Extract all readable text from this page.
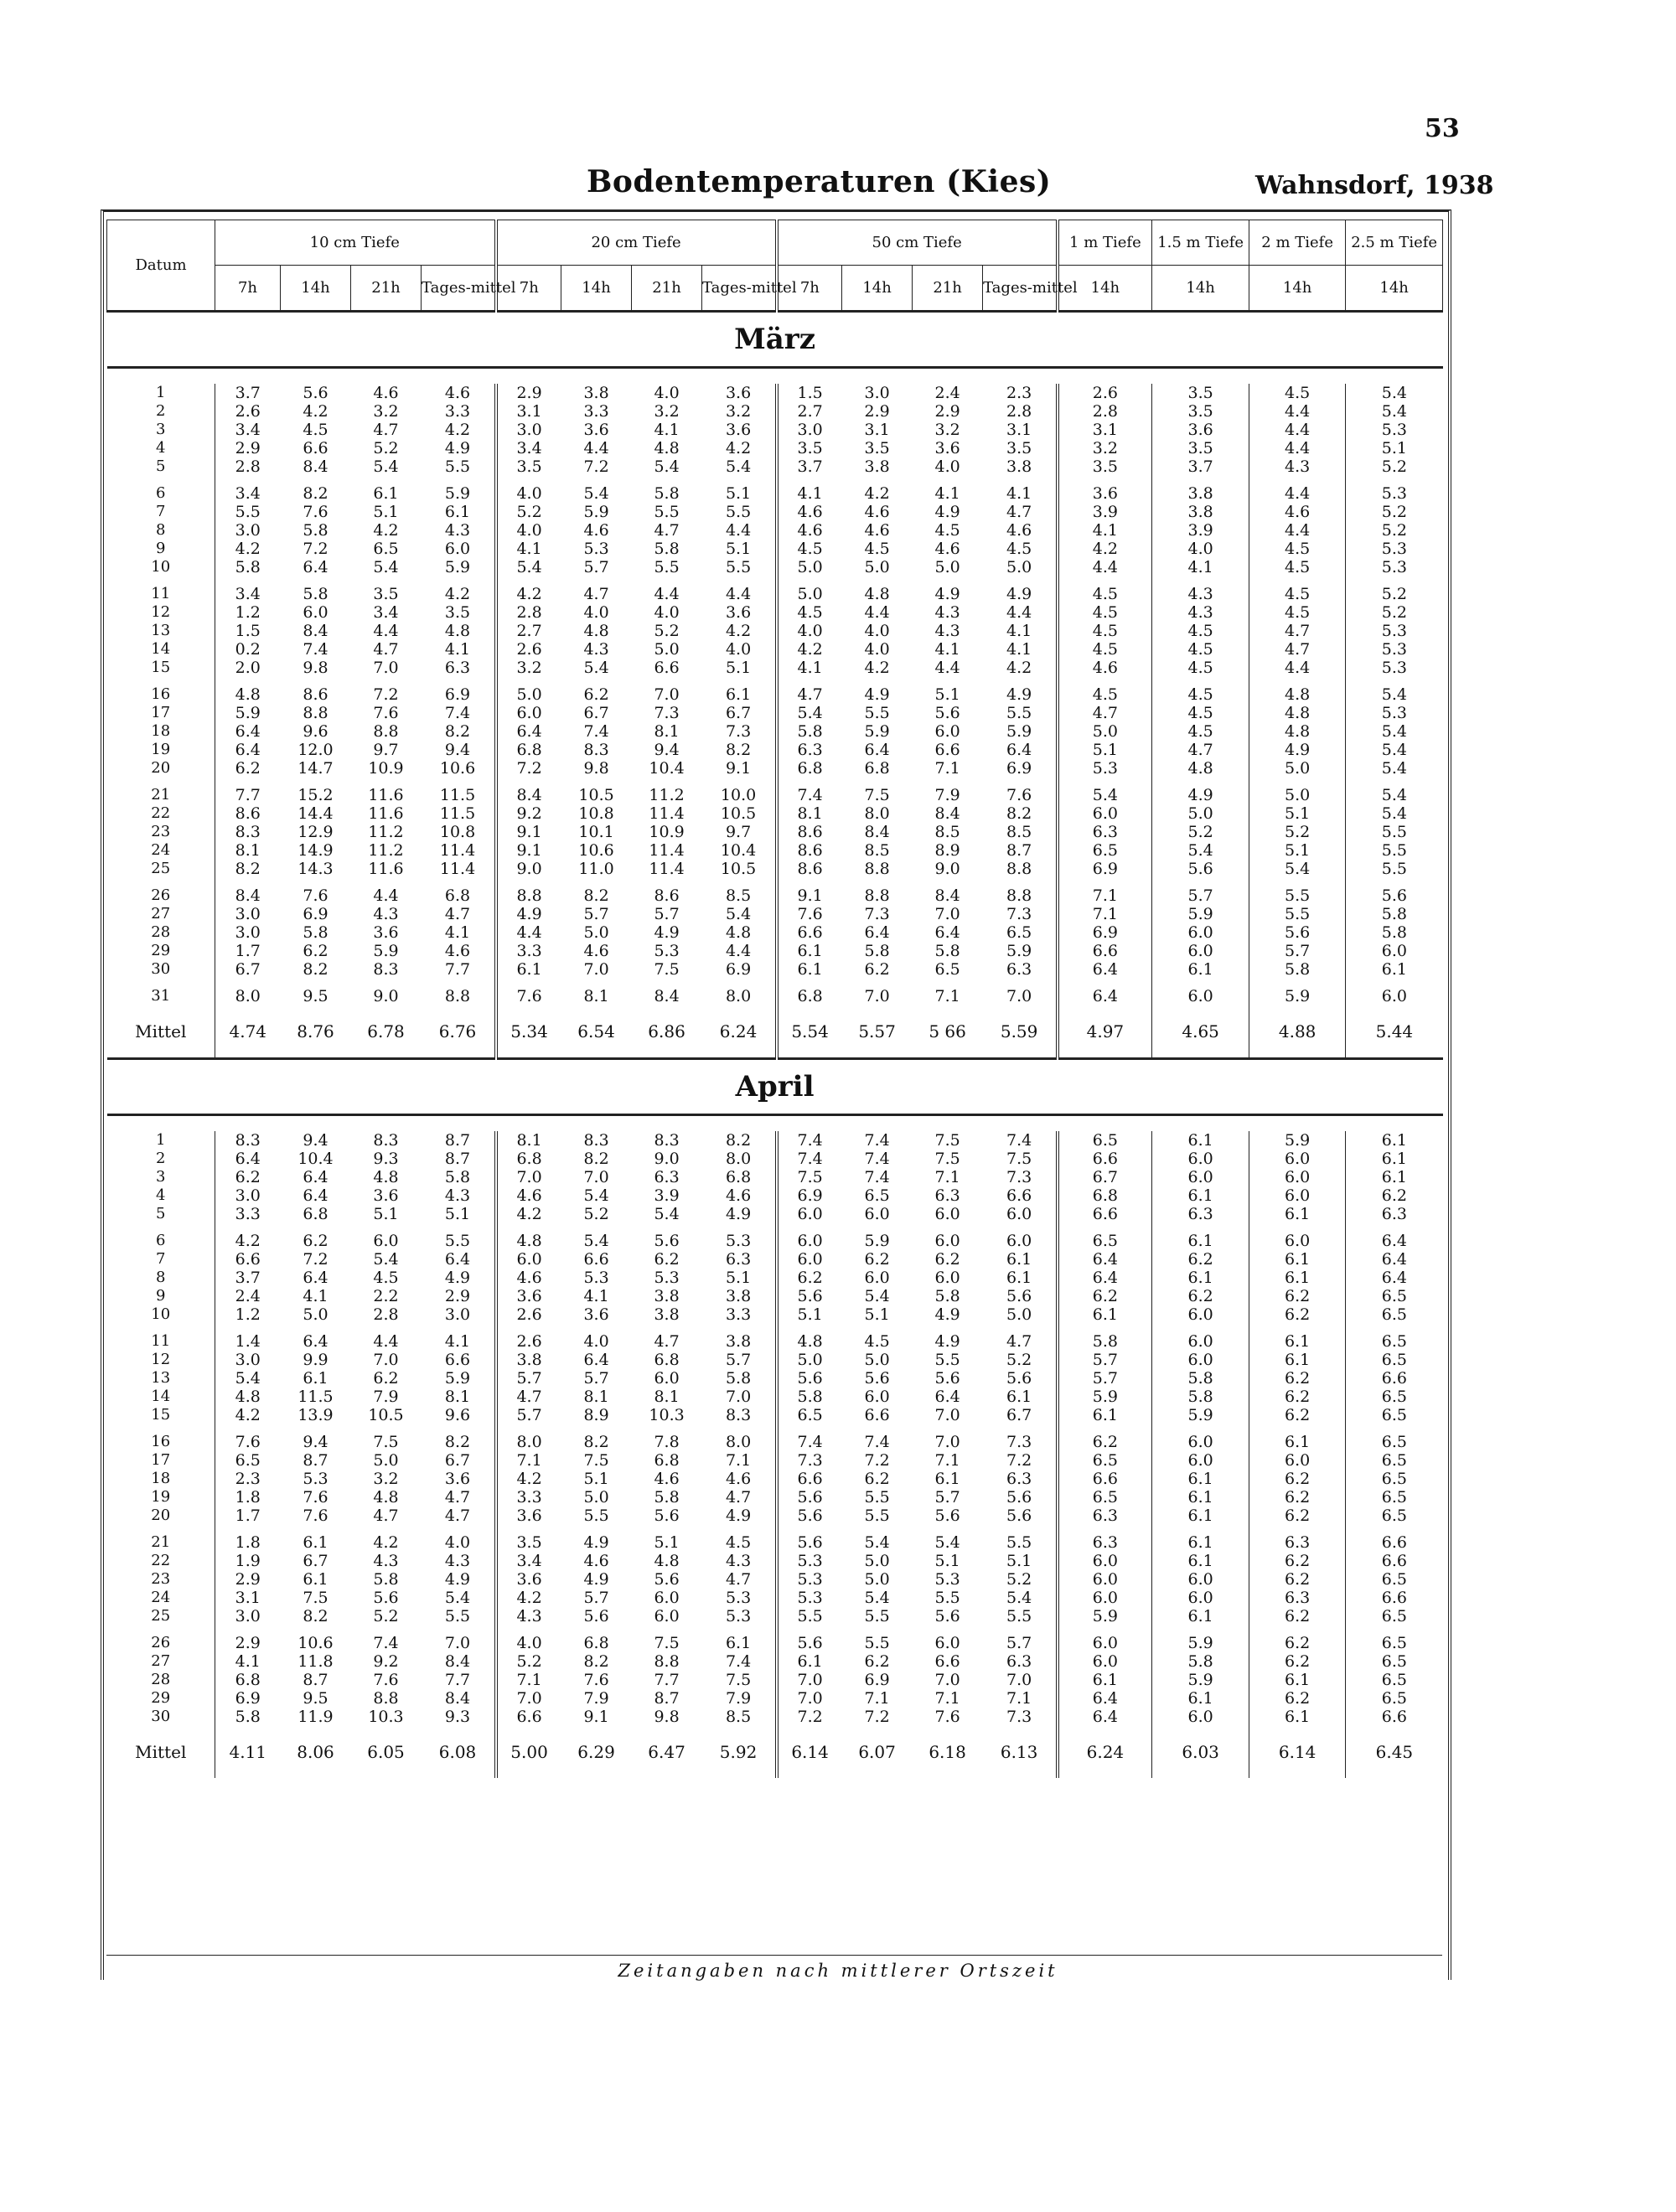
53
Bodentemperaturen (Kies)	Wahnsdorf, 1938
Datum	10 cm Tiefe				20 cm Tiefe				50 cm Tiefe				1 m Tiefe	1.5 m Tiefe	2 m Tiefe	2.5 m Tiefe
	7h	14h	21h	Tages-mittel	7h	14h	21h	Tages-mittel	7h	14h	21h	Tages-mittel	14h	14h	14h	14h
März																

1	3.7	5.6	4.6	4.6	2.9	3.8	4.0	3.6	1.5	3.0	2.4	2.3	2.6	3.5	4.5	5.4
2	2.6	4.2	3.2	3.3	3.1	3.3	3.2	3.2	2.7	2.9	2.9	2.8	2.8	3.5	4.4	5.4
3	3.4	4.5	4.7	4.2	3.0	3.6	4.1	3.6	3.0	3.1	3.2	3.1	3.1	3.6	4.4	5.3
4	2.9	6.6	5.2	4.9	3.4	4.4	4.8	4.2	3.5	3.5	3.6	3.5	3.2	3.5	4.4	5.1
5	2.8	8.4	5.4	5.5	3.5	7.2	5.4	5.4	3.7	3.8	4.0	3.8	3.5	3.7	4.3	5.2
6	3.4	8.2	6.1	5.9	4.0	5.4	5.8	5.1	4.1	4.2	4.1	4.1	3.6	3.8	4.4	5.3
7	5.5	7.6	5.1	6.1	5.2	5.9	5.5	5.5	4.6	4.6	4.9	4.7	3.9	3.8	4.6	5.2
8	3.0	5.8	4.2	4.3	4.0	4.6	4.7	4.4	4.6	4.6	4.5	4.6	4.1	3.9	4.4	5.2
9	4.2	7.2	6.5	6.0	4.1	5.3	5.8	5.1	4.5	4.5	4.6	4.5	4.2	4.0	4.5	5.3
10	5.8	6.4	5.4	5.9	5.4	5.7	5.5	5.5	5.0	5.0	5.0	5.0	4.4	4.1	4.5	5.3
11	3.4	5.8	3.5	4.2	4.2	4.7	4.4	4.4	5.0	4.8	4.9	4.9	4.5	4.3	4.5	5.2
12	1.2	6.0	3.4	3.5	2.8	4.0	4.0	3.6	4.5	4.4	4.3	4.4	4.5	4.3	4.5	5.2
13	1.5	8.4	4.4	4.8	2.7	4.8	5.2	4.2	4.0	4.0	4.3	4.1	4.5	4.5	4.7	5.3
14	0.2	7.4	4.7	4.1	2.6	4.3	5.0	4.0	4.2	4.0	4.1	4.1	4.5	4.5	4.7	5.3
15	2.0	9.8	7.0	6.3	3.2	5.4	6.6	5.1	4.1	4.2	4.4	4.2	4.6	4.5	4.4	5.3
16	4.8	8.6	7.2	6.9	5.0	6.2	7.0	6.1	4.7	4.9	5.1	4.9	4.5	4.5	4.8	5.4
17	5.9	8.8	7.6	7.4	6.0	6.7	7.3	6.7	5.4	5.5	5.6	5.5	4.7	4.5	4.8	5.3
18	6.4	9.6	8.8	8.2	6.4	7.4	8.1	7.3	5.8	5.9	6.0	5.9	5.0	4.5	4.8	5.4
19	6.4	12.0	9.7	9.4	6.8	8.3	9.4	8.2	6.3	6.4	6.6	6.4	5.1	4.7	4.9	5.4
20	6.2	14.7	10.9	10.6	7.2	9.8	10.4	9.1	6.8	6.8	7.1	6.9	5.3	4.8	5.0	5.4
21	7.7	15.2	11.6	11.5	8.4	10.5	11.2	10.0	7.4	7.5	7.9	7.6	5.4	4.9	5.0	5.4
22	8.6	14.4	11.6	11.5	9.2	10.8	11.4	10.5	8.1	8.0	8.4	8.2	6.0	5.0	5.1	5.4
23	8.3	12.9	11.2	10.8	9.1	10.1	10.9	9.7	8.6	8.4	8.5	8.5	6.3	5.2	5.2	5.5
24	8.1	14.9	11.2	11.4	9.1	10.6	11.4	10.4	8.6	8.5	8.9	8.7	6.5	5.4	5.1	5.5
25	8.2	14.3	11.6	11.4	9.0	11.0	11.4	10.5	8.6	8.8	9.0	8.8	6.9	5.6	5.4	5.5
26	8.4	7.6	4.4	6.8	8.8	8.2	8.6	8.5	9.1	8.8	8.4	8.8	7.1	5.7	5.5	5.6
27	3.0	6.9	4.3	4.7	4.9	5.7	5.7	5.4	7.6	7.3	7.0	7.3	7.1	5.9	5.5	5.8
28	3.0	5.8	3.6	4.1	4.4	5.0	4.9	4.8	6.6	6.4	6.4	6.5	6.9	6.0	5.6	5.8
29	1.7	6.2	5.9	4.6	3.3	4.6	5.3	4.4	6.1	5.8	5.8	5.9	6.6	6.0	5.7	6.0
30	6.7	8.2	8.3	7.7	6.1	7.0	7.5	6.9	6.1	6.2	6.5	6.3	6.4	6.1	5.8	6.1
31	8.0	9.5	9.0	8.8	7.6	8.1	8.4	8.0	6.8	7.0	7.1	7.0	6.4	6.0	5.9	6.0
Mittel	4.74	8.76	6.78	6.76	5.34	6.54	6.86	6.24	5.54	5.57	5 66	5.59	4.97	4.65	4.88	5.44
April																

1	8.3	9.4	8.3	8.7	8.1	8.3	8.3	8.2	7.4	7.4	7.5	7.4	6.5	6.1	5.9	6.1
2	6.4	10.4	9.3	8.7	6.8	8.2	9.0	8.0	7.4	7.4	7.5	7.5	6.6	6.0	6.0	6.1
3	6.2	6.4	4.8	5.8	7.0	7.0	6.3	6.8	7.5	7.4	7.1	7.3	6.7	6.0	6.0	6.1
4	3.0	6.4	3.6	4.3	4.6	5.4	3.9	4.6	6.9	6.5	6.3	6.6	6.8	6.1	6.0	6.2
5	3.3	6.8	5.1	5.1	4.2	5.2	5.4	4.9	6.0	6.0	6.0	6.0	6.6	6.3	6.1	6.3
6	4.2	6.2	6.0	5.5	4.8	5.4	5.6	5.3	6.0	5.9	6.0	6.0	6.5	6.1	6.0	6.4
7	6.6	7.2	5.4	6.4	6.0	6.6	6.2	6.3	6.0	6.2	6.2	6.1	6.4	6.2	6.1	6.4
8	3.7	6.4	4.5	4.9	4.6	5.3	5.3	5.1	6.2	6.0	6.0	6.1	6.4	6.1	6.1	6.4
9	2.4	4.1	2.2	2.9	3.6	4.1	3.8	3.8	5.6	5.4	5.8	5.6	6.2	6.2	6.2	6.5
10	1.2	5.0	2.8	3.0	2.6	3.6	3.8	3.3	5.1	5.1	4.9	5.0	6.1	6.0	6.2	6.5
11	1.4	6.4	4.4	4.1	2.6	4.0	4.7	3.8	4.8	4.5	4.9	4.7	5.8	6.0	6.1	6.5
12	3.0	9.9	7.0	6.6	3.8	6.4	6.8	5.7	5.0	5.0	5.5	5.2	5.7	6.0	6.1	6.5
13	5.4	6.1	6.2	5.9	5.7	5.7	6.0	5.8	5.6	5.6	5.6	5.6	5.7	5.8	6.2	6.6
14	4.8	11.5	7.9	8.1	4.7	8.1	8.1	7.0	5.8	6.0	6.4	6.1	5.9	5.8	6.2	6.5
15	4.2	13.9	10.5	9.6	5.7	8.9	10.3	8.3	6.5	6.6	7.0	6.7	6.1	5.9	6.2	6.5
16	7.6	9.4	7.5	8.2	8.0	8.2	7.8	8.0	7.4	7.4	7.0	7.3	6.2	6.0	6.1	6.5
17	6.5	8.7	5.0	6.7	7.1	7.5	6.8	7.1	7.3	7.2	7.1	7.2	6.5	6.0	6.0	6.5
18	2.3	5.3	3.2	3.6	4.2	5.1	4.6	4.6	6.6	6.2	6.1	6.3	6.6	6.1	6.2	6.5
19	1.8	7.6	4.8	4.7	3.3	5.0	5.8	4.7	5.6	5.5	5.7	5.6	6.5	6.1	6.2	6.5
20	1.7	7.6	4.7	4.7	3.6	5.5	5.6	4.9	5.6	5.5	5.6	5.6	6.3	6.1	6.2	6.5
21	1.8	6.1	4.2	4.0	3.5	4.9	5.1	4.5	5.6	5.4	5.4	5.5	6.3	6.1	6.3	6.6
22	1.9	6.7	4.3	4.3	3.4	4.6	4.8	4.3	5.3	5.0	5.1	5.1	6.0	6.1	6.2	6.6
23	2.9	6.1	5.8	4.9	3.6	4.9	5.6	4.7	5.3	5.0	5.3	5.2	6.0	6.0	6.2	6.5
24	3.1	7.5	5.6	5.4	4.2	5.7	6.0	5.3	5.3	5.4	5.5	5.4	6.0	6.0	6.3	6.6
25	3.0	8.2	5.2	5.5	4.3	5.6	6.0	5.3	5.5	5.5	5.6	5.5	5.9	6.1	6.2	6.5
26	2.9	10.6	7.4	7.0	4.0	6.8	7.5	6.1	5.6	5.5	6.0	5.7	6.0	5.9	6.2	6.5
27	4.1	11.8	9.2	8.4	5.2	8.2	8.8	7.4	6.1	6.2	6.6	6.3	6.0	5.8	6.2	6.5
28	6.8	8.7	7.6	7.7	7.1	7.6	7.7	7.5	7.0	6.9	7.0	7.0	6.1	5.9	6.1	6.5
29	6.9	9.5	8.8	8.4	7.0	7.9	8.7	7.9	7.0	7.1	7.1	7.1	6.4	6.1	6.2	6.5
30	5.8	11.9	10.3	9.3	6.6	9.1	9.8	8.5	7.2	7.2	7.6	7.3	6.4	6.0	6.1	6.6
Mittel	4.11	8.06	6.05	6.08	5.00	6.29	6.47	5.92	6.14	6.07	6.18	6.13	6.24	6.03	6.14	6.45
Zeitangaben nach mittlerer Ortszeit
